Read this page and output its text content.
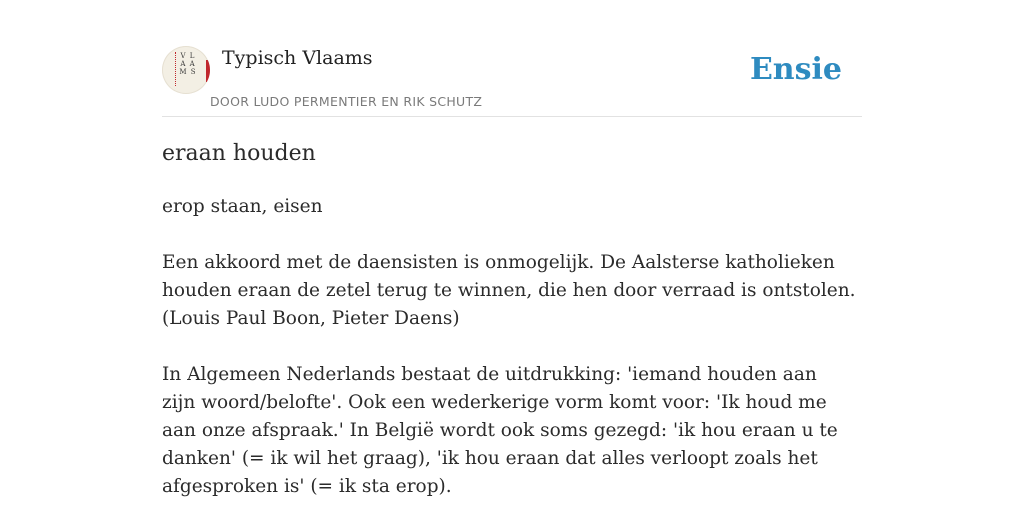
V L A A M S
Typisch Vlaams
DOOR LUDO PERMENTIER EN RIK SCHUTZ
Ensie
eraan houden

erop staan, eisen

Een akkoord met de daensisten is onmogelijk. De Aalsterse katholieken houden eraan de zetel terug te winnen, die hen door verraad is ontstolen.

(Louis Paul Boon, Pieter Daens)

In Algemeen Nederlands bestaat de uitdrukking: 'iemand houden aan zijn woord/belofte'. Ook een wederkerige vorm komt voor: 'Ik houd me aan onze afspraak.' In België wordt ook soms gezegd: 'ik hou eraan u te danken' (= ik wil het graag), 'ik hou eraan dat alles verloopt zoals het afgesproken is' (= ik sta erop).
